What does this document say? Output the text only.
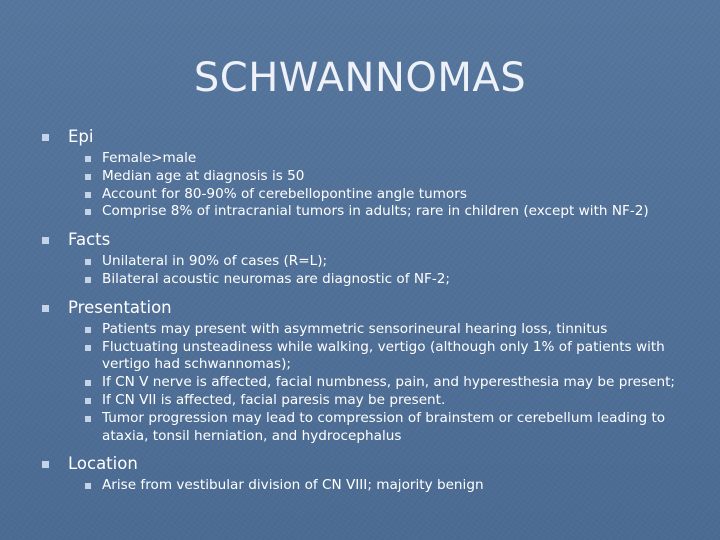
SCHWANNOMAS
Epi
Female>male
Median age at diagnosis is 50
Account for 80-90% of cerebellopontine angle tumors
Comprise 8% of intracranial tumors in adults; rare in children (except with NF-2)
Facts
Unilateral in 90% of cases (R=L);
Bilateral acoustic neuromas are diagnostic of NF-2;
Presentation
Patients may present with asymmetric sensorineural hearing loss, tinnitus
Fluctuating unsteadiness while walking, vertigo (although only 1% of patients with vertigo had schwannomas);
If CN V nerve is affected, facial numbness, pain, and hyperesthesia may be present;
If CN VII is affected, facial paresis may be present.
Tumor progression may lead to compression of brainstem or cerebellum leading to ataxia, tonsil herniation, and hydrocephalus
Location
Arise from vestibular division of CN VIII; majority benign
